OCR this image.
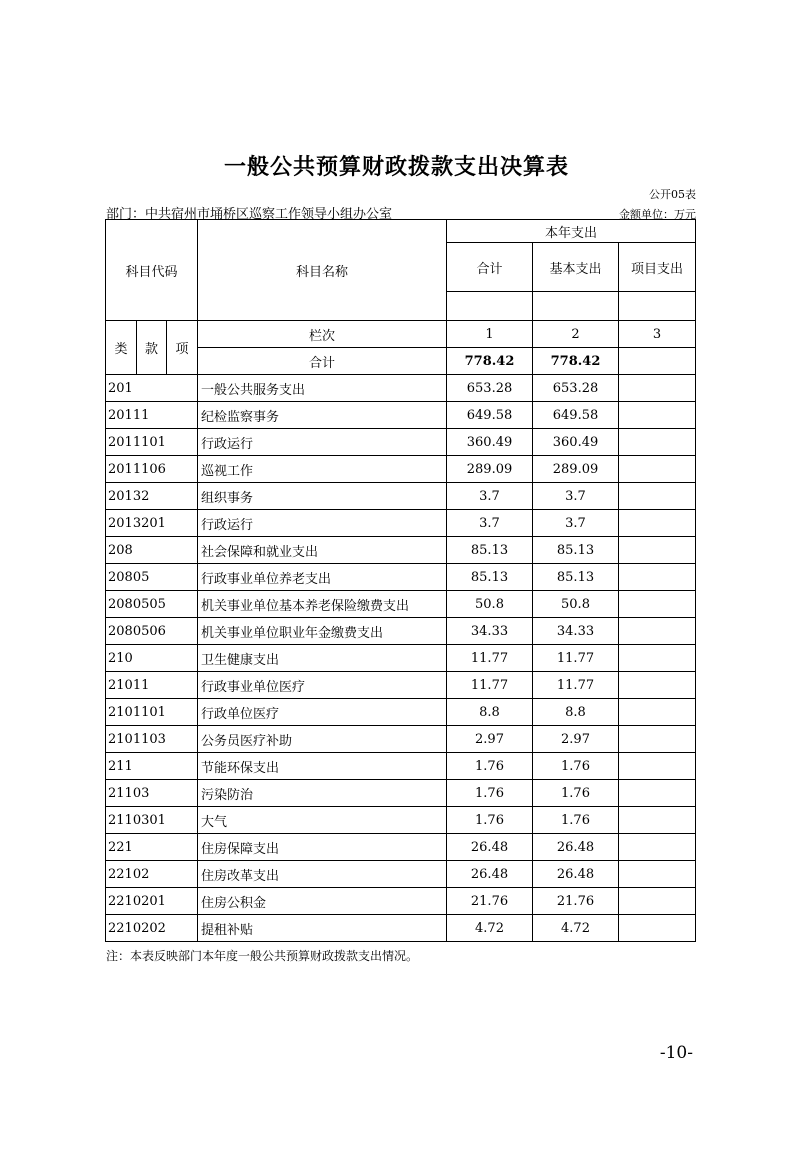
一般公共预算财政拨款支出决算表
公开05表
部门：中共宿州市埇桥区巡察工作领导小组办公室	金额单位：万元
科目代码			科目名称	本年支出		
				合计	基本支出	项目支出

类	款	项	栏次	1	2	3
			合计	778.42	778.42	
201			一般公共服务支出	653.28	653.28	
20111			纪检监察事务	649.58	649.58	
2011101			行政运行	360.49	360.49	
2011106			巡视工作	289.09	289.09	
20132			组织事务	3.7	3.7	
2013201			行政运行	3.7	3.7	
208			社会保障和就业支出	85.13	85.13	
20805			行政事业单位养老支出	85.13	85.13	
2080505			机关事业单位基本养老保险缴费支出	50.8	50.8	
2080506			机关事业单位职业年金缴费支出	34.33	34.33	
210			卫生健康支出	11.77	11.77	
21011			行政事业单位医疗	11.77	11.77	
2101101			行政单位医疗	8.8	8.8	
2101103			公务员医疗补助	2.97	2.97	
211			节能环保支出	1.76	1.76	
21103			污染防治	1.76	1.76	
2110301			大气	1.76	1.76	
221			住房保障支出	26.48	26.48	
22102			住房改革支出	26.48	26.48	
2210201			住房公积金	21.76	21.76	
2210202			提租补贴	4.72	4.72	
注：本表反映部门本年度一般公共预算财政拨款支出情况。
-10-
